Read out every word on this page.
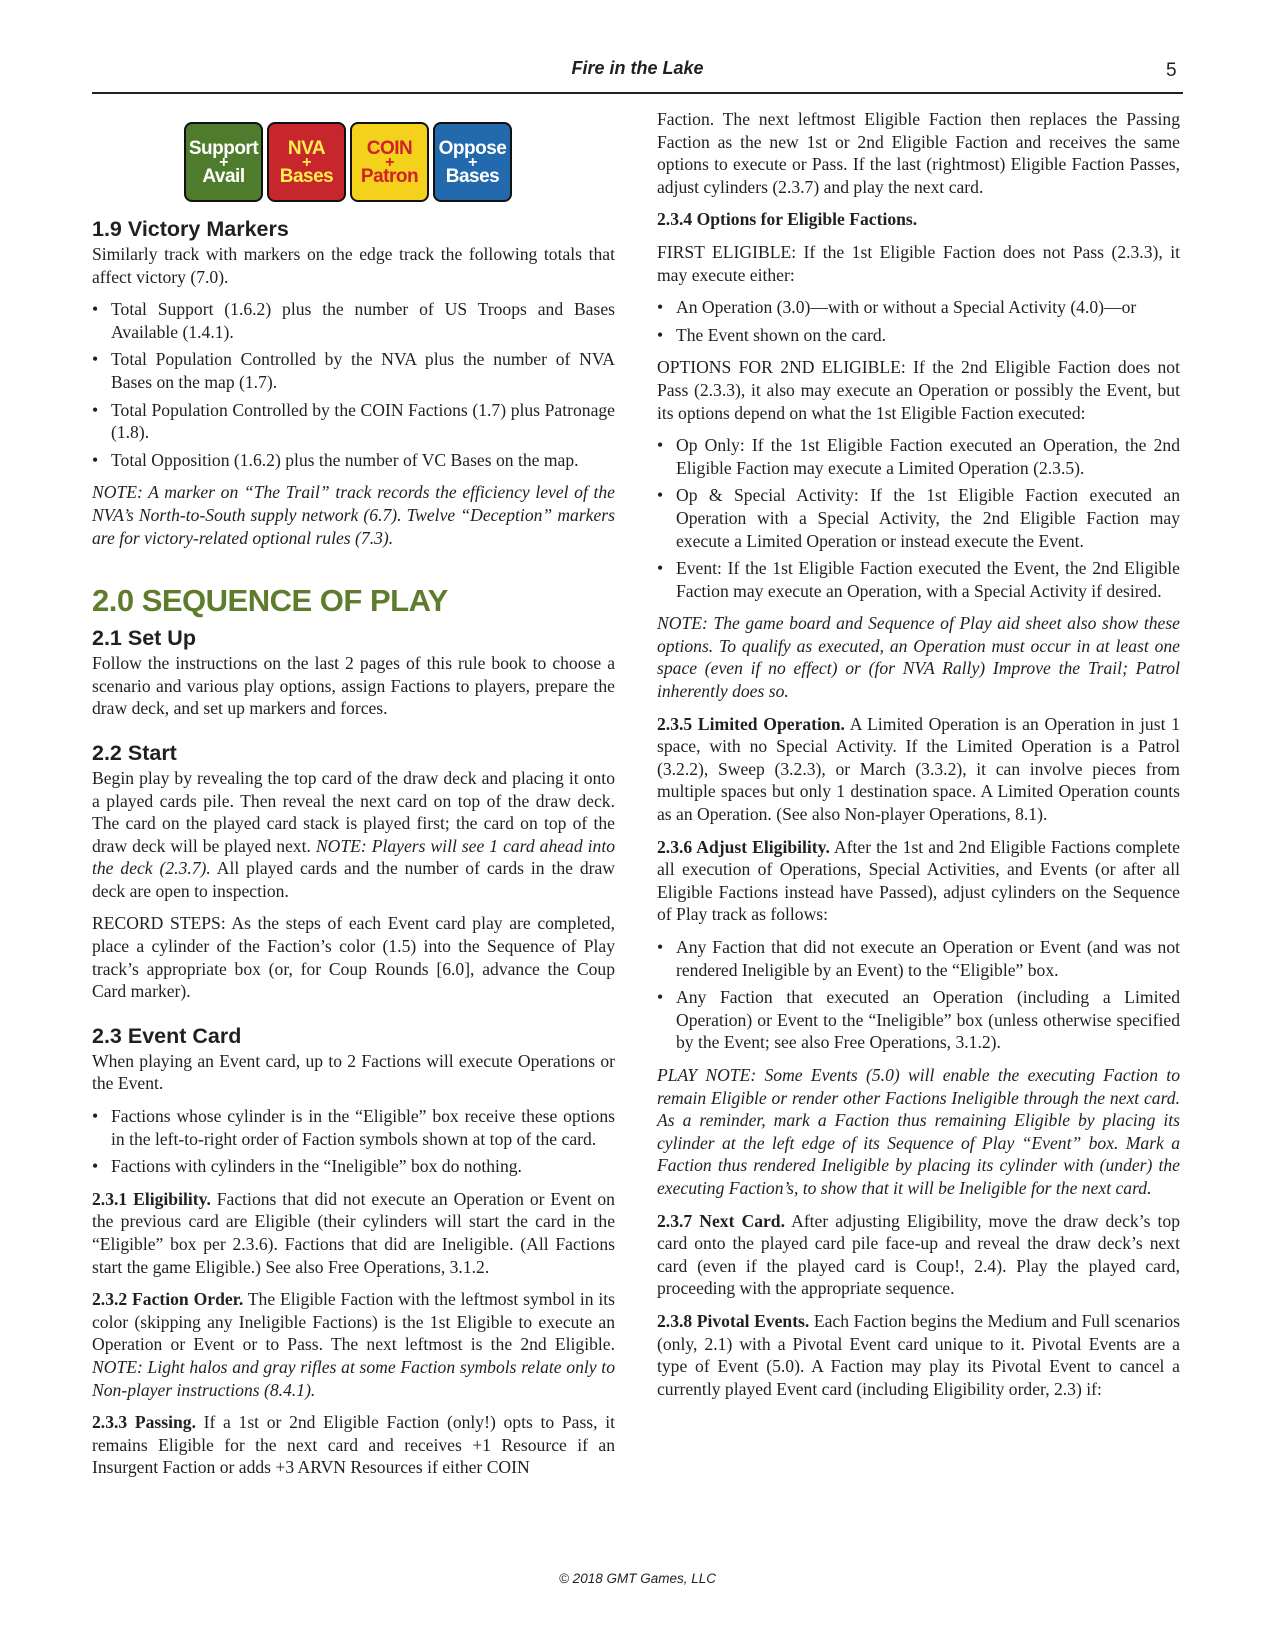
Fire in the Lake	5
Support
+
Avail
NVA
+
Bases
COIN
+
Patron
Oppose
+
Bases
1.9 Victory Markers

Similarly track with markers on the edge track the following totals that affect victory (7.0).

• Total Support (1.6.2) plus the number of US Troops and Bases Available (1.4.1).
• Total Population Controlled by the NVA plus the number of NVA Bases on the map (1.7).
• Total Population Controlled by the COIN Factions (1.7) plus Patronage (1.8).
• Total Opposition (1.6.2) plus the number of VC Bases on the map.

NOTE: A marker on “The Trail” track records the efficiency level of the NVA’s North-to-South supply network (6.7). Twelve “Deception” markers are for victory-related optional rules (7.3).

2.0 SEQUENCE OF PLAY
2.1 Set Up

Follow the instructions on the last 2 pages of this rule book to choose a scenario and various play options, assign Factions to players, prepare the draw deck, and set up markers and forces.

2.2 Start

Begin play by revealing the top card of the draw deck and placing it onto a played cards pile. Then reveal the next card on top of the draw deck. The card on the played card stack is played first; the card on top of the draw deck will be played next. NOTE: Players will see 1 card ahead into the deck (2.3.7). All played cards and the number of cards in the draw deck are open to inspection.

RECORD STEPS: As the steps of each Event card play are completed, place a cylinder of the Faction’s color (1.5) into the Sequence of Play track’s appropriate box (or, for Coup Rounds [6.0], advance the Coup Card marker).

2.3 Event Card

When playing an Event card, up to 2 Factions will execute Operations or the Event.

• Factions whose cylinder is in the “Eligible” box receive these options in the left-to-right order of Faction symbols shown at top of the card.
• Factions with cylinders in the “Ineligible” box do nothing.

2.3.1 Eligibility. Factions that did not execute an Operation or Event on the previous card are Eligible (their cylinders will start the card in the “Eligible” box per 2.3.6). Factions that did are Ineligible. (All Factions start the game Eligible.) See also Free Operations, 3.1.2.

2.3.2 Faction Order. The Eligible Faction with the leftmost symbol in its color (skipping any Ineligible Factions) is the 1st Eligible to execute an Operation or Event or to Pass. The next leftmost is the 2nd Eligible. NOTE: Light halos and gray rifles at some Faction symbols relate only to Non-player instructions (8.4.1).

2.3.3 Passing. If a 1st or 2nd Eligible Faction (only!) opts to Pass, it remains Eligible for the next card and receives +1 Resource if an Insurgent Faction or adds +3 ARVN Resources if either COIN

Faction. The next leftmost Eligible Faction then replaces the Passing Faction as the new 1st or 2nd Eligible Faction and receives the same options to execute or Pass. If the last (rightmost) Eligible Faction Passes, adjust cylinders (2.3.7) and play the next card.

2.3.4 Options for Eligible Factions.

FIRST ELIGIBLE: If the 1st Eligible Faction does not Pass (2.3.3), it may execute either:

• An Operation (3.0)—with or without a Special Activity (4.0)—or
• The Event shown on the card.

OPTIONS FOR 2ND ELIGIBLE: If the 2nd Eligible Faction does not Pass (2.3.3), it also may execute an Operation or possibly the Event, but its options depend on what the 1st Eligible Faction executed:

• Op Only: If the 1st Eligible Faction executed an Operation, the 2nd Eligible Faction may execute a Limited Operation (2.3.5).
• Op & Special Activity: If the 1st Eligible Faction executed an Operation with a Special Activity, the 2nd Eligible Faction may execute a Limited Operation or instead execute the Event.
• Event: If the 1st Eligible Faction executed the Event, the 2nd Eligible Faction may execute an Operation, with a Special Activity if desired.

NOTE: The game board and Sequence of Play aid sheet also show these options. To qualify as executed, an Operation must occur in at least one space (even if no effect) or (for NVA Rally) Improve the Trail; Patrol inherently does so.

2.3.5 Limited Operation. A Limited Operation is an Operation in just 1 space, with no Special Activity. If the Limited Operation is a Patrol (3.2.2), Sweep (3.2.3), or March (3.3.2), it can involve pieces from multiple spaces but only 1 destination space. A Limited Operation counts as an Operation. (See also Non-player Operations, 8.1).

2.3.6 Adjust Eligibility. After the 1st and 2nd Eligible Factions complete all execution of Operations, Special Activities, and Events (or after all Eligible Factions instead have Passed), adjust cylinders on the Sequence of Play track as follows:

• Any Faction that did not execute an Operation or Event (and was not rendered Ineligible by an Event) to the “Eligible” box.
• Any Faction that executed an Operation (including a Limited Operation) or Event to the “Ineligible” box (unless otherwise specified by the Event; see also Free Operations, 3.1.2).

PLAY NOTE: Some Events (5.0) will enable the executing Faction to remain Eligible or render other Factions Ineligible through the next card. As a reminder, mark a Faction thus remaining Eligible by placing its cylinder at the left edge of its Sequence of Play “Event” box. Mark a Faction thus rendered Ineligible by placing its cylinder with (under) the executing Faction’s, to show that it will be Ineligible for the next card.

2.3.7 Next Card. After adjusting Eligibility, move the draw deck’s top card onto the played card pile face-up and reveal the draw deck’s next card (even if the played card is Coup!, 2.4). Play the played card, proceeding with the appropriate sequence.

2.3.8 Pivotal Events. Each Faction begins the Medium and Full scenarios (only, 2.1) with a Pivotal Event card unique to it. Pivotal Events are a type of Event (5.0). A Faction may play its Pivotal Event to cancel a currently played Event card (including Eligibility order, 2.3) if:

© 2018 GMT Games, LLC
